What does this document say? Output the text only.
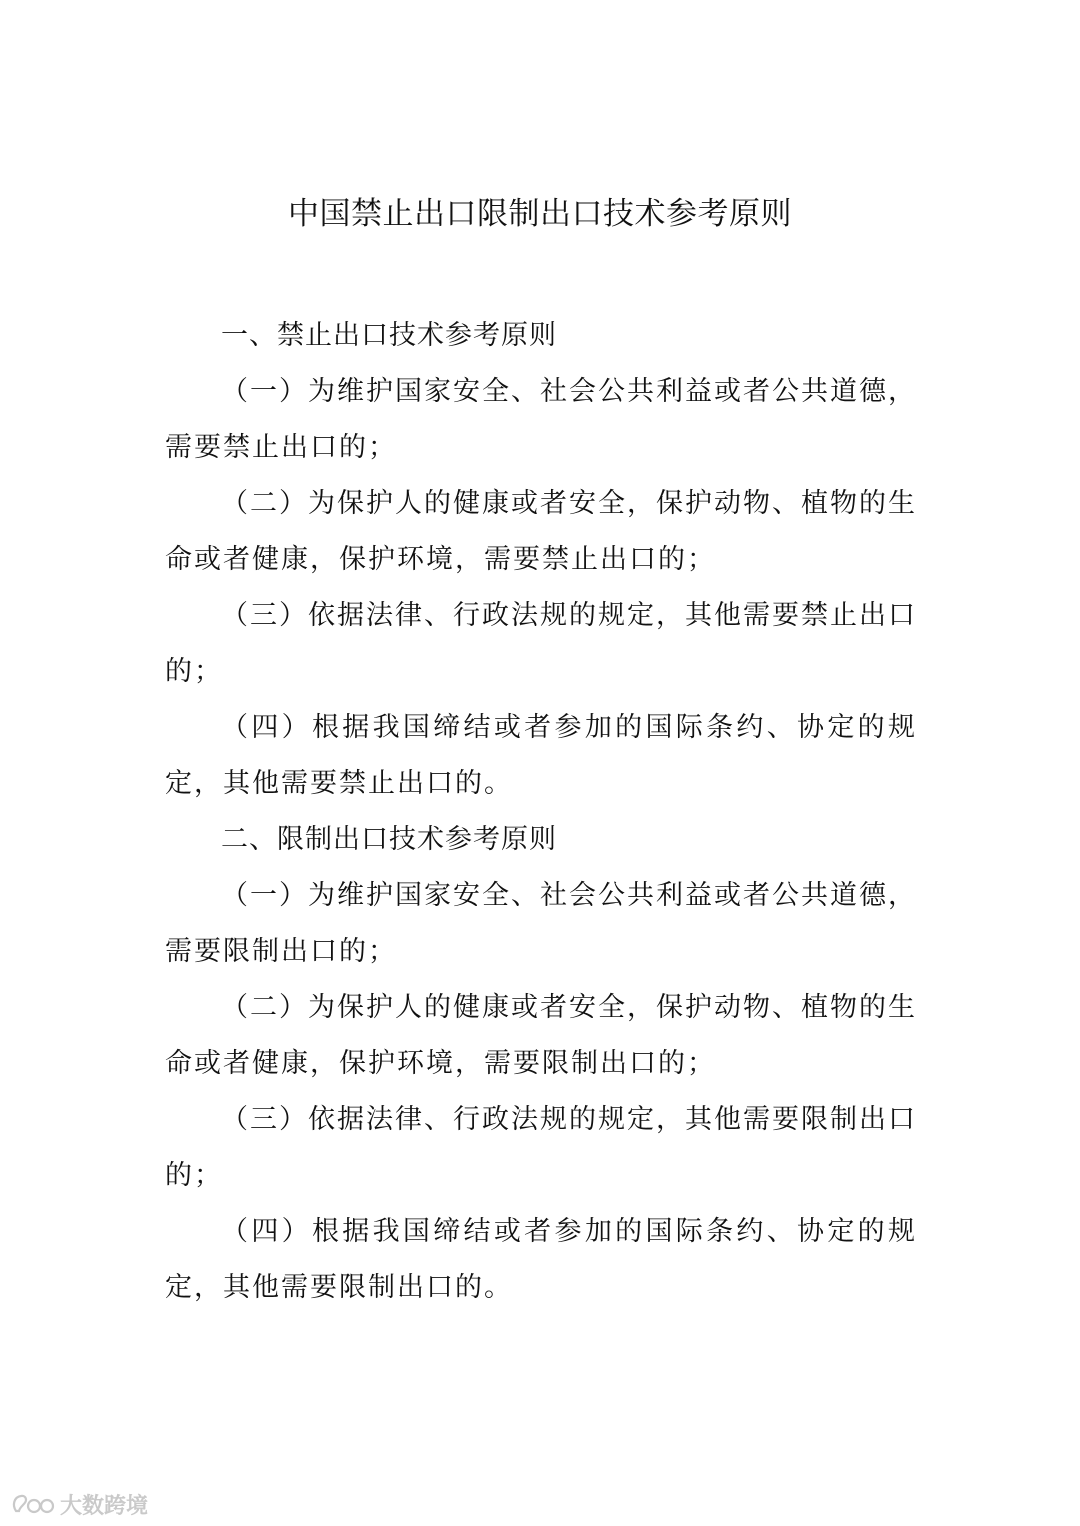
中国禁止出口限制出口技术参考原则

一、禁止出口技术参考原则

（一）为维护国家安全、社会公共利益或者公共道德，需要禁止出口的；

（二）为保护人的健康或者安全，保护动物、植物的生命或者健康，保护环境，需要禁止出口的；

（三）依据法律、行政法规的规定，其他需要禁止出口的；

（四）根据我国缔结或者参加的国际条约、协定的规定，其他需要禁止出口的。

二、限制出口技术参考原则

（一）为维护国家安全、社会公共利益或者公共道德，需要限制出口的；

（二）为保护人的健康或者安全，保护动物、植物的生命或者健康，保护环境，需要限制出口的；

（三）依据法律、行政法规的规定，其他需要限制出口的；

（四）根据我国缔结或者参加的国际条约、协定的规定，其他需要限制出口的。

大数跨境
